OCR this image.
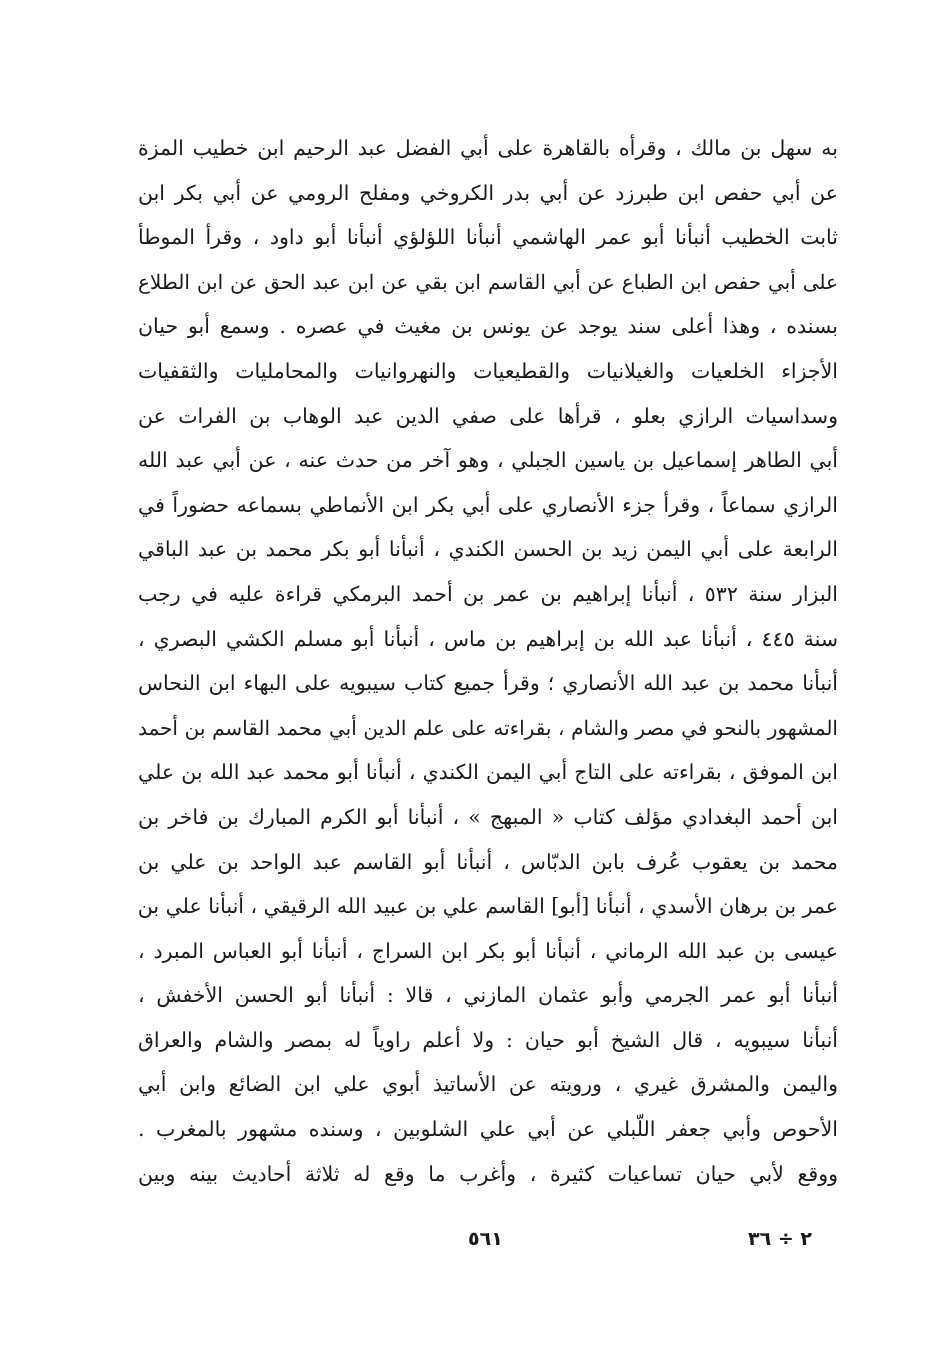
به سهل بن مالك ، وقرأه بالقاهرة على أبي الفضل عبد الرحيم ابن خطيب المزة
عن أبي حفص ابن طبرزد عن أبي بدر الكروخي ومفلح الرومي عن أبي بكر ابن
ثابت الخطيب أنبأنا أبو عمر الهاشمي أنبأنا اللؤلؤي أنبأنا أبو داود ، وقرأ الموطأ
على أبي حفص ابن الطباع عن أبي القاسم ابن بقي عن ابن عبد الحق عن ابن الطلاع
بسنده ، وهذا أعلى سند يوجد عن يونس بن مغيث في عصره . وسمع أبو حيان
الأجزاء الخلعيات والغيلانيات والقطيعيات والنهروانيات والمحامليات والثقفيات
وسداسيات الرازي بعلو ، قرأها على صفي الدين عبد الوهاب بن الفرات عن
أبي الطاهر إسماعيل بن ياسين الجبلي ، وهو آخر من حدث عنه ، عن أبي عبد الله
الرازي سماعاً ، وقرأ جزء الأنصاري على أبي بكر ابن الأنماطي بسماعه حضوراً في
الرابعة على أبي اليمن زيد بن الحسن الكندي ، أنبأنا أبو بكر محمد بن عبد الباقي
البزار سنة ٥٣٢ ، أنبأنا إبراهيم بن عمر بن أحمد البرمكي قراءة عليه في رجب
سنة ٤٤٥ ، أنبأنا عبد الله بن إبراهيم بن ماس ، أنبأنا أبو مسلم الكشي البصري ،
أنبأنا محمد بن عبد الله الأنصاري ؛ وقرأ جميع كتاب سيبويه على البهاء ابن النحاس
المشهور بالنحو في مصر والشام ، بقراءته على علم الدين أبي محمد القاسم بن أحمد
ابن الموفق ، بقراءته على التاج أبي اليمن الكندي ، أنبأنا أبو محمد عبد الله بن علي
ابن أحمد البغدادي مؤلف كتاب « المبهج » ، أنبأنا أبو الكرم المبارك بن فاخر بن
محمد بن يعقوب عُرف بابن الدبّاس ، أنبأنا أبو القاسم عبد الواحد بن علي بن
عمر بن برهان الأسدي ، أنبأنا [أبو] القاسم علي بن عبيد الله الرقيقي ، أنبأنا علي بن
عيسى بن عبد الله الرماني ، أنبأنا أبو بكر ابن السراج ، أنبأنا أبو العباس المبرد ،
أنبأنا أبو عمر الجرمي وأبو عثمان المازني ، قالا : أنبأنا أبو الحسن الأخفش ،
أنبأنا سيبويه ، قال الشيخ أبو حيان : ولا أعلم راوياً له بمصر والشام والعراق
واليمن والمشرق غيري ، ورويته عن الأساتيذ أبوي علي ابن الضائع وابن أبي
الأحوص وأبي جعفر اللّبلي عن أبي علي الشلوبين ، وسنده مشهور بالمغرب .
ووقع لأبي حيان تساعيات كثيرة ، وأغرب ما وقع له ثلاثة أحاديث بينه وبين
٥٦١	٢ ÷ ٣٦
